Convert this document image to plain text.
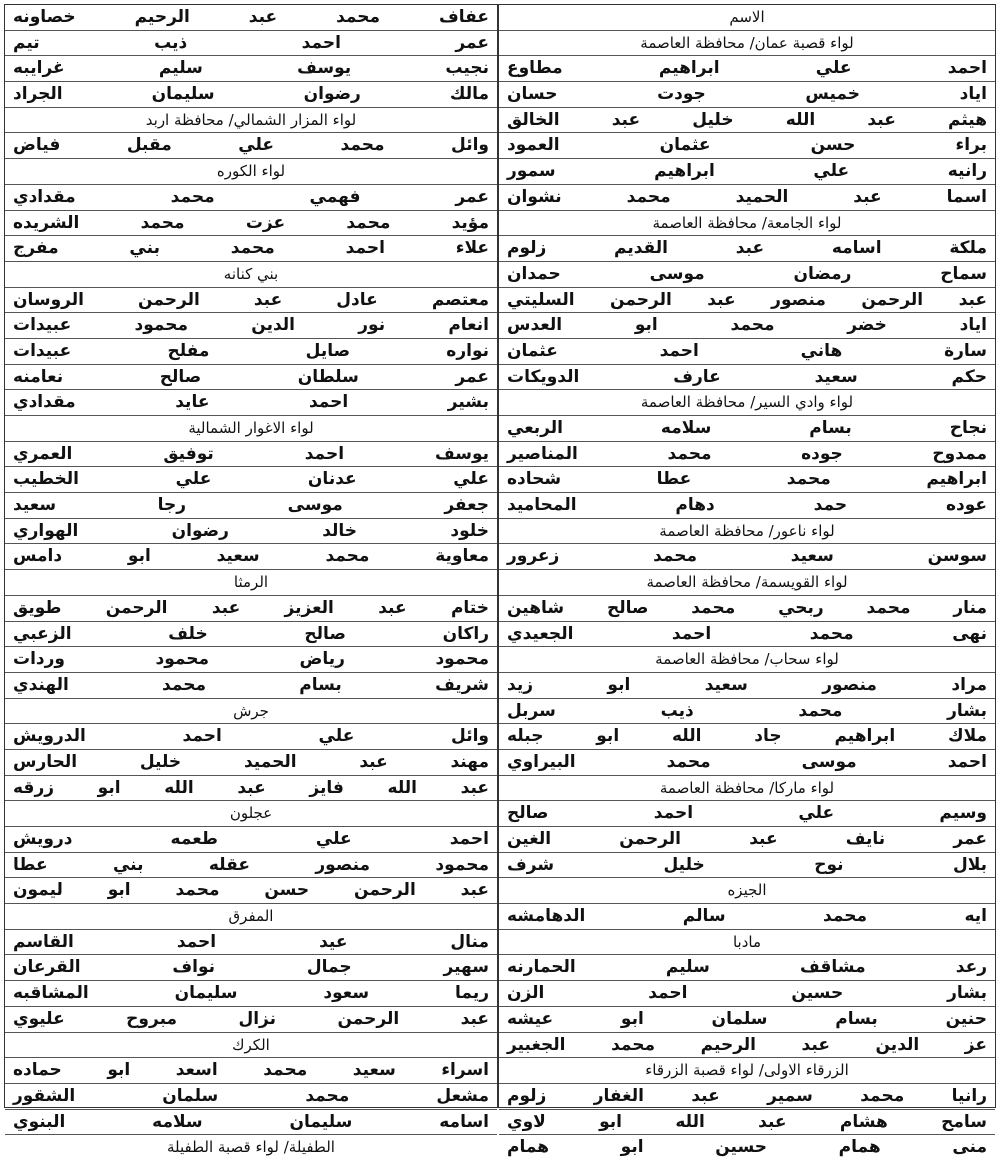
عفاف محمد عبد الرحيم خصاونه
عمر احمد ذيب تيم
نجيب يوسف سليم غرايبه
مالك رضوان سليمان الجراد
لواء المزار الشمالي/ محافظة اربد
وائل محمد علي مقبل فياض
لواء الكوره
عمر فهمي محمد مقدادي
مؤيد محمد عزت محمد الشريده
علاء احمد محمد بني مفرج
بني كنانه
معتصم عادل عبد الرحمن الروسان
انعام نور الدين محمود عبيدات
نواره صايل مفلح عبيدات
عمر سلطان صالح نعامنه
بشير احمد عايد مقدادي
لواء الاغوار الشمالية
يوسف احمد توفيق العمري
علي عدنان علي الخطيب
جعفر موسى رجا سعيد
خلود خالد رضوان الهواري
معاوية محمد سعيد ابو دامس
الرمثا
ختام عبد العزيز عبد الرحمن طويق
راكان صالح خلف الزعبي
محمود رياض محمود وردات
شريف بسام محمد الهندي
جرش
وائل علي احمد الدرويش
مهند عبد الحميد خليل الحارس
عبد الله فايز عبد الله ابو زرقه
عجلون
احمد علي طعمه درويش
محمود منصور عقله بني عطا
عبد الرحمن حسن محمد ابو ليمون
المفرق
منال عيد احمد القاسم
سهير جمال نواف القرعان
ريما سعود سليمان المشاقبه
عبد الرحمن نزال مبروح عليوي
الكرك
اسراء سعيد محمد اسعد ابو حماده
مشعل محمد سلمان الشقور
اسامه سليمان سلامه البنوي
الطفيلة/ لواء قصبة الطفيلة
الاسم
لواء قصبة عمان/ محافظة العاصمة
احمد علي ابراهيم مطاوع
اياد خميس جودت حسان
هيثم عبد الله خليل عبد الخالق
براء حسن عثمان العمود
رانيه علي ابراهيم سمور
اسما عبد الحميد محمد نشوان
لواء الجامعة/ محافظة العاصمة
ملكة اسامه عبد القديم زلوم
سماح رمضان موسى حمدان
عبد الرحمن منصور عبد الرحمن السليتي
اياد خضر محمد ابو العدس
سارة هاني احمد عثمان
حكم سعيد عارف الدويكات
لواء وادي السير/ محافظة العاصمة
نجاح بسام سلامه الربعي
ممدوح جوده محمد المناصير
ابراهيم محمد عطا شحاده
عوده حمد دهام المحاميد
لواء ناعور/ محافظة العاصمة
سوسن سعيد محمد زعرور
لواء القويسمة/ محافظة العاصمة
منار محمد ربحي محمد صالح شاهين
نهى محمد احمد الجعيدي
لواء سحاب/ محافظة العاصمة
مراد منصور سعيد ابو زيد
بشار محمد ذيب سربل
ملاك ابراهيم جاد الله ابو جبله
احمد موسى محمد البيراوي
لواء ماركا/ محافظة العاصمة
وسيم علي احمد صالح
عمر نايف عبد الرحمن الغين
بلال نوح خليل شرف
الجيزه
ايه محمد سالم الدهامشه
مادبا
رعد مشاقف سليم الحمارنه
بشار حسين احمد الزن
حنين بسام سلمان ابو عيشه
عز الدين عبد الرحيم محمد الجغبير
الزرقاء الاولى/ لواء قصبة الزرقاء
رانيا محمد سمير عبد الغفار زلوم
سامح هشام عبد الله ابو لاوي
منى همام حسين ابو همام
